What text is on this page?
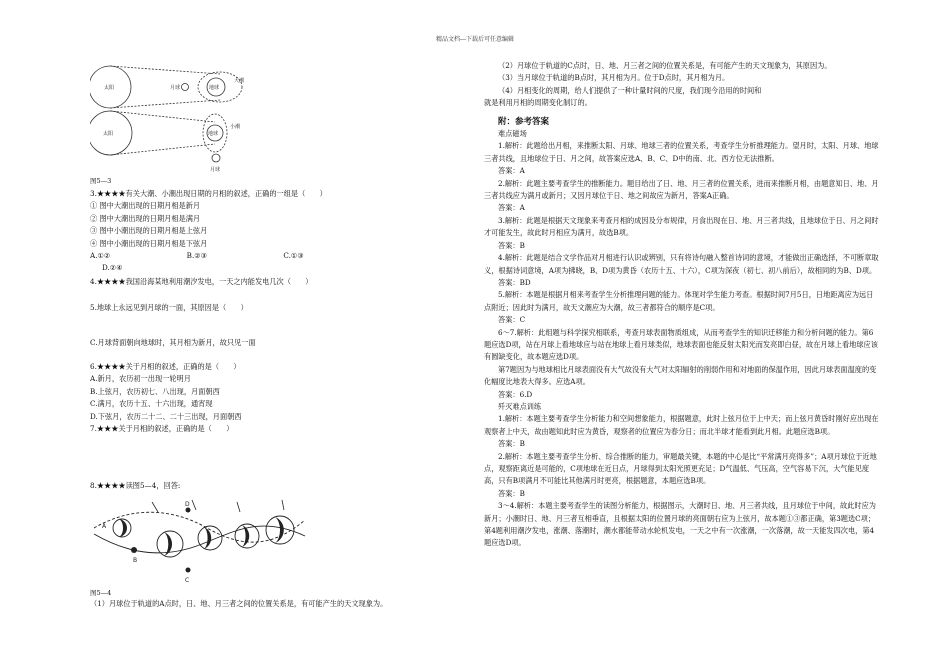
精品文档---下载后可任意编辑
太阳	月球	地球
大潮
太阳	地球
小潮
月球
图5—3
3.★★★★有关大潮、小潮出现日期的月相的叙述，正确的一组是（　　）
① 图中大潮出现的日期月相是新月
② 图中大潮出现的日期月相是满月
③ 图中小潮出现的日期月相是上弦月
④ 图中小潮出现的日期月相是下弦月
A.①②	B.②③	C.①③
D.②④
4.★★★★我国沿海某地利用潮汐发电，一天之内能发电几次（　　）
5.地球上永远见到月球的一面，其原因是（　　）
C.月球背面朝向地球时，其月相为新月，故只见一面
6.★★★★关于月相的叙述，正确的是（　　）
A.新月，农历初一出现一轮明月
B.上弦月，农历初七、八出现，月面朝西
C.满月，农历十五、十六出现，通宵现
D.下弦月，农历二十二、二十三出现，月面朝西
7.★★★关于月相的叙述，正确的是（　　）
8.★★★★读图5—4，回答:
A
B
C
D
图5—4
（1）月球位于轨道的A点时，日、地、月三者之间的位置关系是，有可能产生的天文现象为。
（2）月球位于轨道的C点时，日、地、月三者之间的位置关系是，有可能产生的天文现象为，其原因为。
（3）当月球位于轨道的B点时，其月相为月。位于D点时，其月相为月。
（4）月相变化的周期，给人们提供了一种计量时间的尺度，我们现今沿用的时间和
就是利用月相的周期变化制订的。
附：参考答案
难点磁场
1.解析：此题给出月相，来推断太阳、月球、地球三者的位置关系，考查学生分析推理能力。望月时，太阳、月球、地球三者共线，且地球位于日、月之间，故答案应选A、B、C、D中的南、北、西方位无法推断。
答案：A
2.解析：此题主要考查学生的推断能力。题目给出了日、地、月三者的位置关系，进而来推断月相，由题意知日、地、月三者共线应为满月或新月；又因月球位于日、地之间故应为新月，答案A正确。
答案：A
3.解析：此题是根据天文现象来考查月相的成因及分布规律，月食出现在日、地、月三者共线，且地球位于日、月之间时才可能发生，故此时月相应为满月，故选B项。
答案：B
4.解析：此题是结合文学作品对月相进行认识或辨别，只有将诗句融入整首诗词的意境，才能做出正确选择，不可断章取义，根据诗词意境，A项为拂晓，B、D项为黄昏（农历十五、十六），C项为深夜（初七、初八前后），故相同的为B、D项。
答案：BD
5.解析：本题是根据月相来考查学生分析推理问题的能力。体现对学生能力考查。根据时间7月5日，日地距离应为远日点附近；因此时为满月，故天文潮应为大潮，故三者都符合的顺序是C项。
答案：C
6～7.解析：此组题与科学探究相联系，考查月球表面物质组成，从而考查学生的知识迁移能力和分析问题的能力。第6题应选D项，站在月球上看地球应与站在地球上看月球类似，地球表面也能反射太阳光而发亮即白昼，故在月球上看地球应该有圆缺变化，故本题应选D项。
第7题因为与地球相比月球表面没有大气故没有大气对太阳辐射的削弱作用和对地面的保温作用，因此月球表面温度的变化幅度比地表大得多。应选A项。
答案：6.D
歼灭难点训练
1.解析：本题主要考查学生分析能力和空间想象能力，根据题意，此时上弦月位于上中天；而上弦月黄昏时刚好应出现在观察者上中天，故由题知此时应为黄昏，观察者的位置应为春分日；而北半球才能看到此月相。此题应选B项。
答案：B
2.解析：本题主要考查学生分析、综合推断的能力，审题最关键，本题的中心是比“平常满月亮得多”；A项月球位于近地点，观察距离近是可能的，C项地球在近日点，月球得到太阳光照更充足；D气温低、气压高，空气容易下沉，大气能见度高，只有B项满月不可能比其他满月时更亮，根据题意，本题应选B项。
答案：B
3～4.解析：本题主要考查学生的读图分析能力，根据图示，大潮时日、地、月三者共线，且月球位于中间，故此时应为新月；小潮时日、地、月三者互相垂直，且根据太阳的位置月球的亮面朝右应为上弦月，故本题①③都正确，第3题选C项；第4题利用潮汐发电，涨潮、落潮时，潮水都能带动水轮机发电，一天之中有一次涨潮，一次落潮，故一天能发四次电，第4题应选D项。
